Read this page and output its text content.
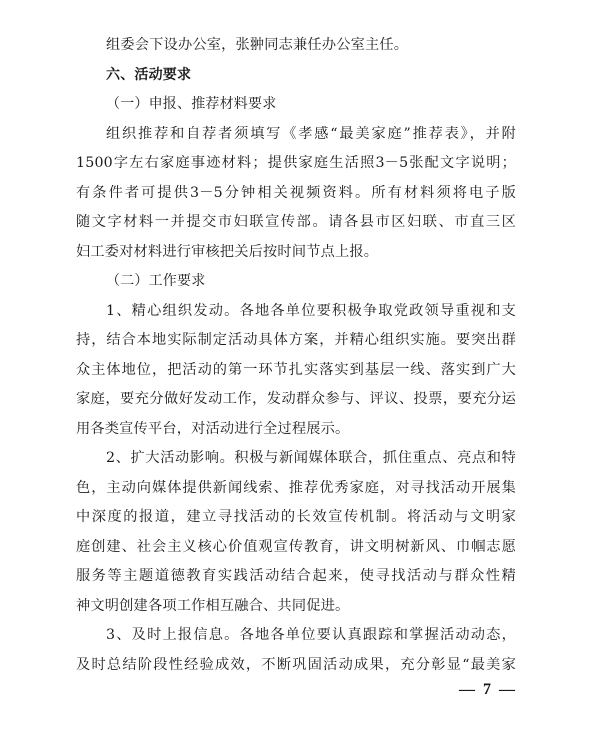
组委会下设办公室，张翀同志兼任办公室主任。
六、活动要求
（一）申报、推荐材料要求
组织推荐和自荐者须填写《孝感“最美家庭”推荐表》，并附
1500字左右家庭事迹材料；提供家庭生活照3－5张配文字说明；
有条件者可提供3－5分钟相关视频资料。所有材料须将电子版
随文字材料一并提交市妇联宣传部。请各县市区妇联、市直三区
妇工委对材料进行审核把关后按时间节点上报。
（二）工作要求
1、精心组织发动。各地各单位要积极争取党政领导重视和支
持，结合本地实际制定活动具体方案，并精心组织实施。要突出群
众主体地位，把活动的第一环节扎实落实到基层一线、落实到广大
家庭，要充分做好发动工作，发动群众参与、评议、投票，要充分运
用各类宣传平台，对活动进行全过程展示。
2、扩大活动影响。积极与新闻媒体联合，抓住重点、亮点和特
色，主动向媒体提供新闻线索、推荐优秀家庭，对寻找活动开展集
中深度的报道，建立寻找活动的长效宣传机制。将活动与文明家
庭创建、社会主义核心价值观宣传教育，讲文明树新风、巾帼志愿
服务等主题道德教育实践活动结合起来，使寻找活动与群众性精
神文明创建各项工作相互融合、共同促进。
3、及时上报信息。各地各单位要认真跟踪和掌握活动动态，
及时总结阶段性经验成效，不断巩固活动成果，充分彰显“最美家
— 7 —
